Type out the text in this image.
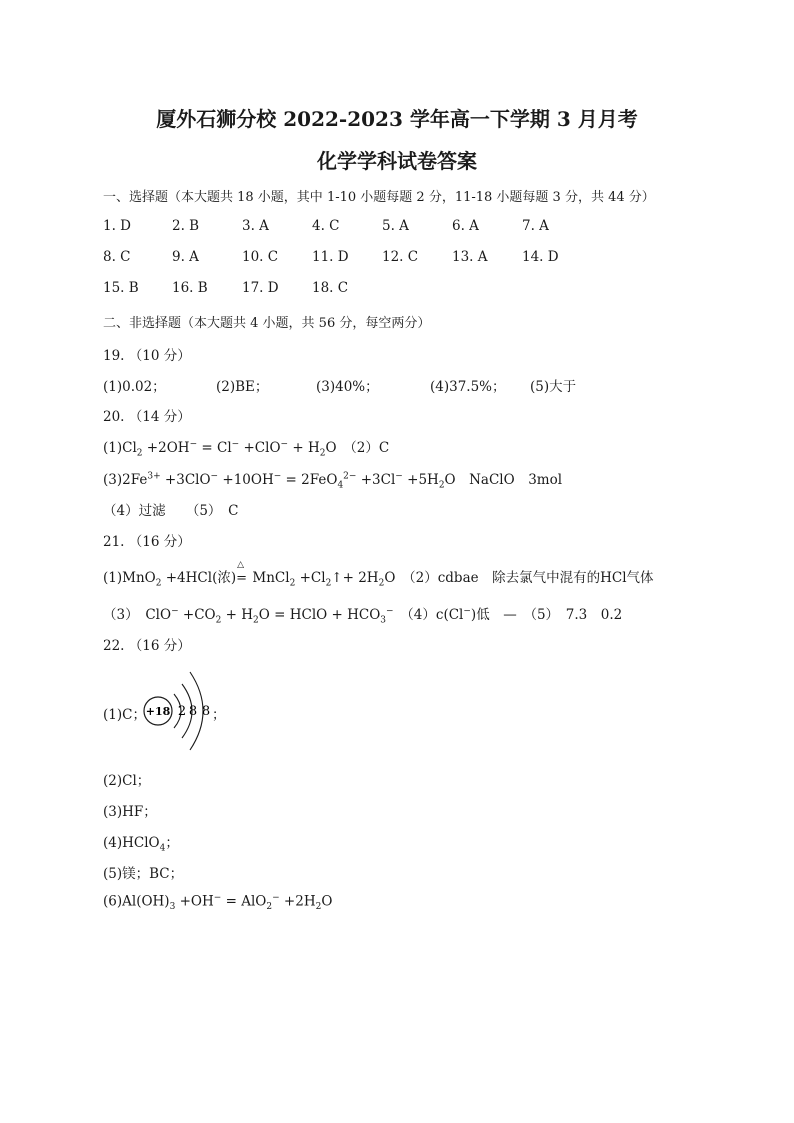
厦外石狮分校 2022-2023 学年高一下学期 3 月月考
化学学科试卷答案
一、选择题（本大题共 18 小题，其中 1-10 小题每题 2 分，11-18 小题每题 3 分，共 44 分）
1. D	2. B	3. A	4. C	5. A	6. A	7. A
8. C	9. A	10. C	11. D 12. C	13. A	14. D
15. B 16. B	17. D 18. C
二、非选择题（本大题共 4 小题，共 56 分，每空两分）
19. （10 分）
(1)0.02；	(2)BE；	(3)40%；	(4)37.5%； (5)大于
20. （14 分）
$(1)Cl_2 +2OH^- = Cl^- +ClO^- + H_2O$　（2）C
$(3)2Fe^{3+} +3ClO^- +10OH^- = 2FeO_4^{2-} +3Cl^- +5H_2O$　NaClO　3mol
（4）过滤　　（5）　C
21. （16 分）
(1)MnO$_2$ +4HCl(浓)
△
= MnCl$_2$ $+Cl_2↑+ 2H_2O$　（2）cdbae　除去氯气中混有的HCl气体
（3）　$ClO^- +CO_2 + H_2O$ = HClO + $HCO_3^-$　（4）c(Cl−)低　—　（5）　7.3　0.2
22. （16 分）
(1)C； +18 2 8 8 ；
(2)Cl；
(3)HF；
(4)HClO$_4$；
(5)镁；BC；
$(6)Al(OH)_3 +OH^- = AlO_2^- +2H_2O$
